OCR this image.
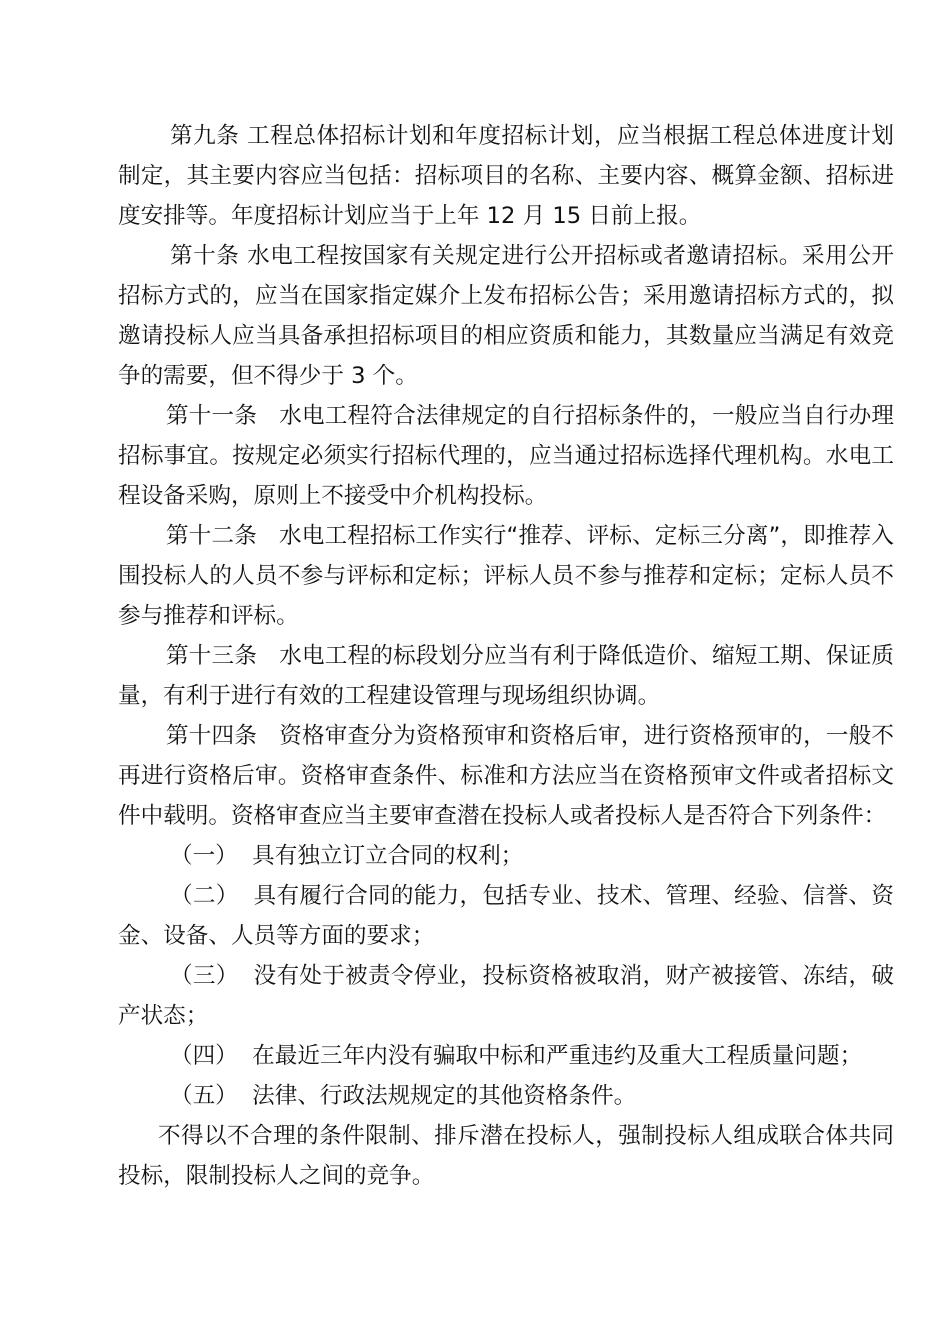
第九条 工程总体招标计划和年度招标计划，应当根据工程总体进度计划制定，其主要内容应当包括：招标项目的名称、主要内容、概算金额、招标进度安排等。年度招标计划应当于上年 12 月 15 日前上报。

第十条 水电工程按国家有关规定进行公开招标或者邀请招标。采用公开招标方式的，应当在国家指定媒介上发布招标公告；采用邀请招标方式的，拟邀请投标人应当具备承担招标项目的相应资质和能力，其数量应当满足有效竞争的需要，但不得少于 3 个。

第十一条 水电工程符合法律规定的自行招标条件的，一般应当自行办理招标事宜。按规定必须实行招标代理的，应当通过招标选择代理机构。水电工程设备采购，原则上不接受中介机构投标。

第十二条 水电工程招标工作实行“推荐、评标、定标三分离”，即推荐入围投标人的人员不参与评标和定标；评标人员不参与推荐和定标；定标人员不参与推荐和评标。

第十三条 水电工程的标段划分应当有利于降低造价、缩短工期、保证质量，有利于进行有效的工程建设管理与现场组织协调。

第十四条 资格审查分为资格预审和资格后审，进行资格预审的，一般不再进行资格后审。资格审查条件、标准和方法应当在资格预审文件或者招标文件中载明。资格审查应当主要审查潜在投标人或者投标人是否符合下列条件：

（一） 具有独立订立合同的权利；

（二） 具有履行合同的能力，包括专业、技术、管理、经验、信誉、资金、设备、人员等方面的要求；

（三） 没有处于被责令停业，投标资格被取消，财产被接管、冻结，破产状态；

（四） 在最近三年内没有骗取中标和严重违约及重大工程质量问题；

（五） 法律、行政法规规定的其他资格条件。

不得以不合理的条件限制、排斥潜在投标人，强制投标人组成联合体共同投标，限制投标人之间的竞争。
